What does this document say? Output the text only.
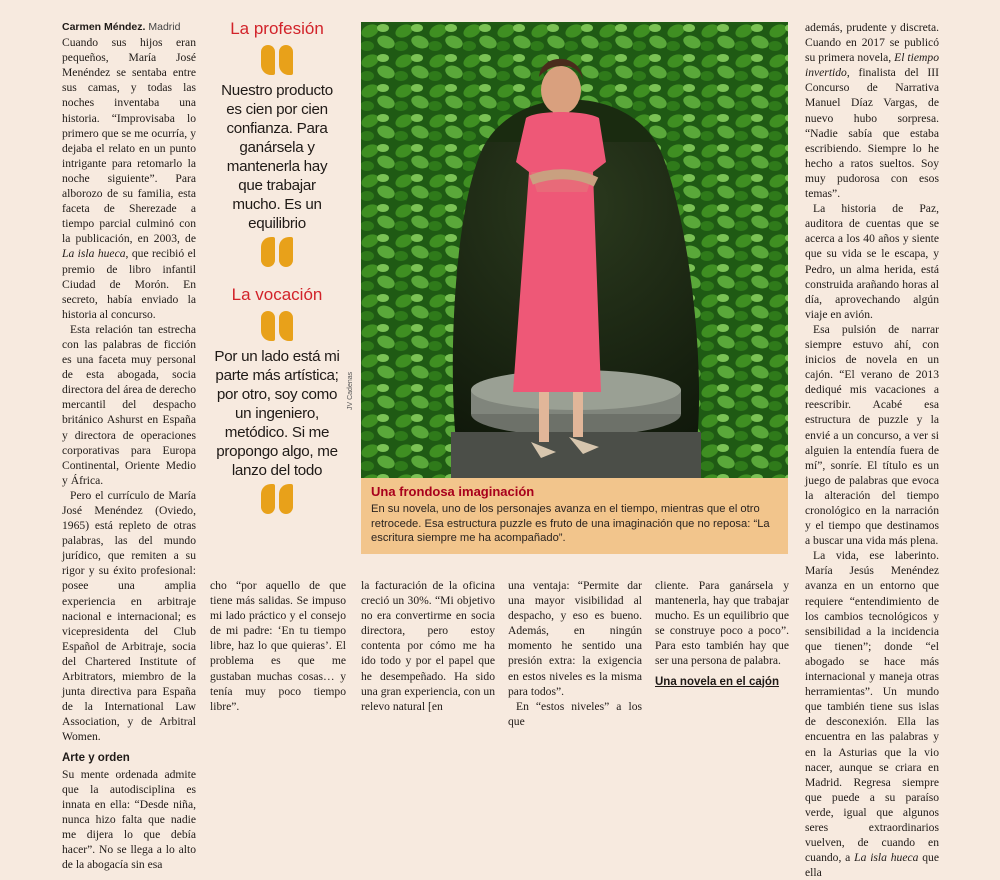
Carmen Méndez. Madrid

Cuando sus hijos eran pequeños, María José Menéndez se sentaba entre sus camas, y todas las noches inventaba una historia. “Improvisaba lo primero que se me ocurría, y dejaba el relato en un punto intrigante para retomarlo la noche siguiente”. Para alborozo de su familia, esta faceta de Sherezade a tiempo parcial culminó con la publicación, en 2003, de La isla hueca, que recibió el premio de libro infantil Ciudad de Morón. En secreto, había enviado la historia al concurso.

Esta relación tan estrecha con las palabras de ficción es una faceta muy personal de esta abogada, socia directora del área de derecho mercantil del despacho británico Ashurst en España y directora de operaciones corporativas para Europa Continental, Oriente Medio y África.

Pero el currículo de María José Menéndez (Oviedo, 1965) está repleto de otras palabras, las del mundo jurídico, que remiten a su rigor y su éxito profesional: posee una amplia experiencia en arbitraje nacional e internacional; es vicepresidenta del Club Español de Arbitraje, socia del Chartered Institute of Arbitrators, miembro de la junta directiva para España de la International Law Association, y de Arbitral Women.

Arte y orden

Su mente ordenada admite que la autodisciplina es innata en ella: “Desde niña, nunca hizo falta que nadie me dijera lo que debía hacer”. No se llega a lo alto de la abogacía sin esa

La profesión
Nuestro producto es cien por cien confianza. Para ganársela y mantenerla hay que trabajar mucho. Es un equilibrio
La vocación
Por un lado está mi parte más artística; por otro, soy como un ingeniero, metódico. Si me propongo algo, me lanzo del todo
JV Cadenas
Una frondosa imaginación
En su novela, uno de los personajes avanza en el tiempo, mientras que el otro retrocede. Esa estructura puzzle es fruto de una imaginación que no reposa: “La escritura siempre me ha acompañado”.

además, prudente y discreta. Cuando en 2017 se publicó su primera novela, El tiempo invertido, finalista del III Concurso de Narrativa Manuel Díaz Vargas, de nuevo hubo sorpresa. “Nadie sabía que estaba escribiendo. Siempre lo he hecho a ratos sueltos. Soy muy pudorosa con esos temas”.

La historia de Paz, auditora de cuentas que se acerca a los 40 años y siente que su vida se le escapa, y Pedro, un alma herida, está construida arañando horas al día, aprovechando algún viaje en avión.

Esa pulsión de narrar siempre estuvo ahí, con inicios de novela en un cajón. “El verano de 2013 dediqué mis vacaciones a reescribir. Acabé esa estructura de puzzle y la envié a un concurso, a ver si alguien la entendía fuera de mí”, sonríe. El título es un juego de palabras que evoca la alteración del tiempo cronológico en la narración y el tiempo que destinamos a buscar una vida más plena.

La vida, ese laberinto. María Jesús Menéndez avanza en un entorno que requiere “entendimiento de los cambios tecnológicos y sensibilidad a la incidencia que tienen”; donde “el abogado se hace más internacional y maneja otras herramientas”. Un mundo que también tiene sus islas de desconexión. Ella las encuentra en las palabras y en la Asturias que la vio nacer, aunque se criara en Madrid. Regresa siempre que puede a su paraíso verde, igual que algunos seres extraordinarios vuelven, de cuando en cuando, a La isla hueca que ella

cho “por aquello de que tiene más salidas. Se impuso mi lado práctico y el consejo de mi padre: ‘En tu tiempo libre, haz lo que quieras’. El problema es que me gustaban muchas cosas… y tenía muy poco tiempo libre”.

la facturación de la oficina creció un 30%. “Mi objetivo no era convertirme en socia directora, pero estoy contenta por cómo me ha ido todo y por el papel que he desempeñado. Ha sido una gran experiencia, con un relevo natural [en

una ventaja: “Permite dar una mayor visibilidad al despacho, y eso es bueno. Además, en ningún momento he sentido una presión extra: la exigencia en estos niveles es la misma para todos”.

En “estos niveles” a los que

cliente. Para ganársela y mantenerla, hay que trabajar mucho. Es un equilibrio que se construye poco a poco”. Para esto también hay que ser una persona de palabra.

Una novela en el cajón
